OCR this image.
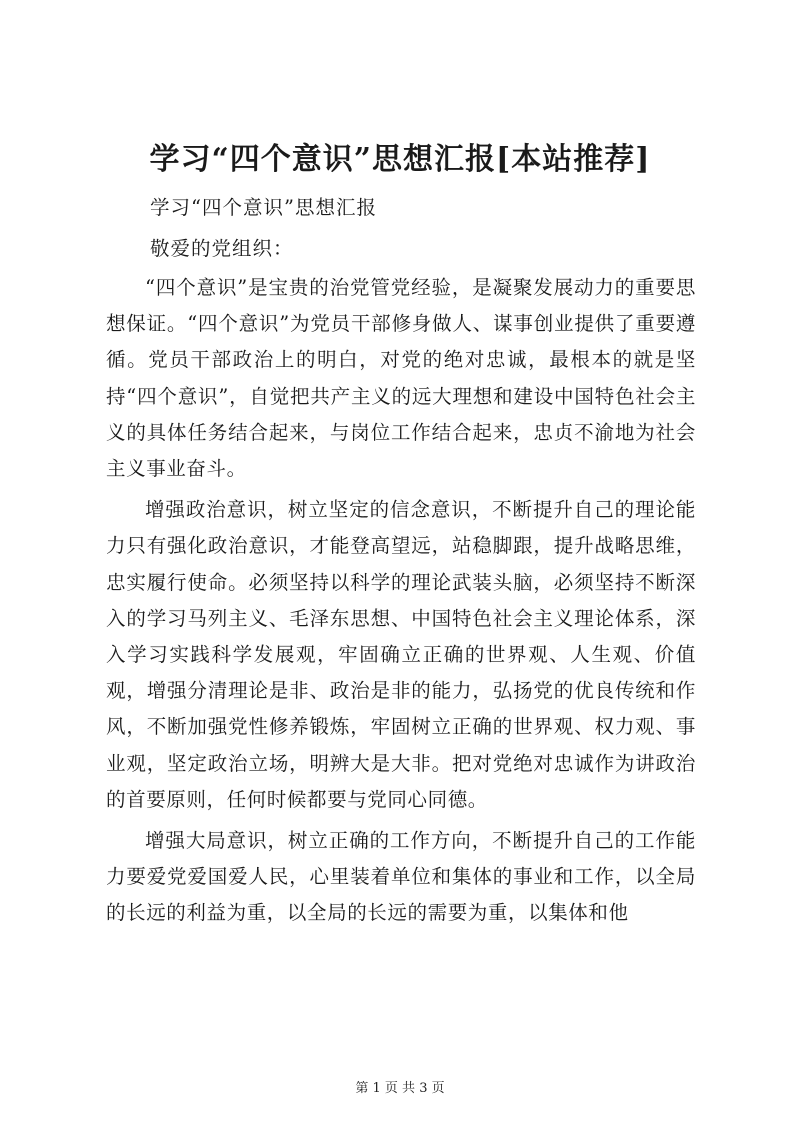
学习“四个意识”思想汇报[本站推荐]

学习“四个意识”思想汇报

敬爱的党组织：

“四个意识”是宝贵的治党管党经验，是凝聚发展动力的重要思想保证。“四个意识”为党员干部修身做人、谋事创业提供了重要遵循。党员干部政治上的明白，对党的绝对忠诚，最根本的就是坚持“四个意识”，自觉把共产主义的远大理想和建设中国特色社会主义的具体任务结合起来，与岗位工作结合起来，忠贞不渝地为社会主义事业奋斗。

增强政治意识，树立坚定的信念意识，不断提升自己的理论能力只有强化政治意识，才能登高望远，站稳脚跟，提升战略思维，忠实履行使命。必须坚持以科学的理论武装头脑，必须坚持不断深入的学习马列主义、毛泽东思想、中国特色社会主义理论体系，深入学习实践科学发展观，牢固确立正确的世界观、人生观、价值观，增强分清理论是非、政治是非的能力，弘扬党的优良传统和作风，不断加强党性修养锻炼，牢固树立正确的世界观、权力观、事业观，坚定政治立场，明辨大是大非。把对党绝对忠诚作为讲政治的首要原则，任何时候都要与党同心同德。

增强大局意识，树立正确的工作方向，不断提升自己的工作能力要爱党爱国爱人民，心里装着单位和集体的事业和工作，以全局的长远的利益为重，以全局的长远的需要为重，以集体和他

第 1 页 共 3 页
